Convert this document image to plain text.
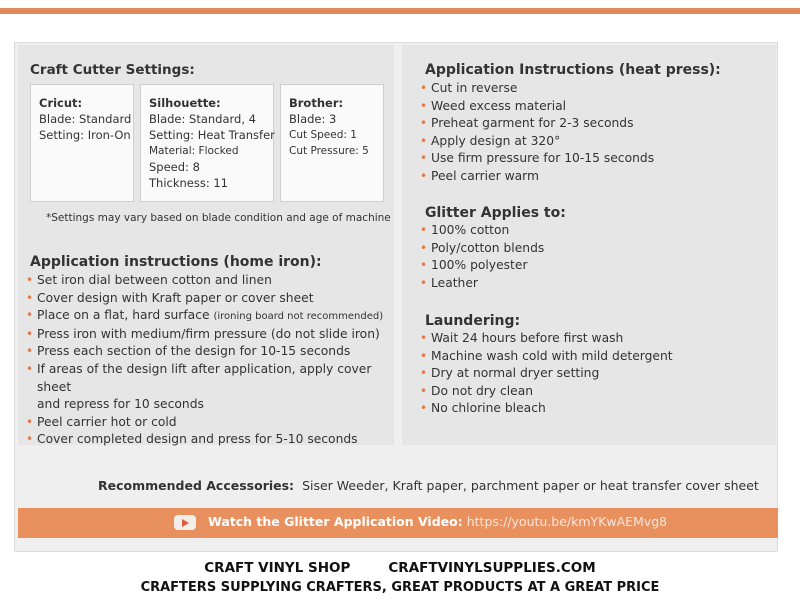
Craft Cutter Settings:
Cricut:
Blade: Standard
Setting: Iron-On
Silhouette:
Blade: Standard, 4
Setting: Heat Transfer
Material: Flocked
Speed: 8
Thickness: 11
Brother:
Blade: 3
Cut Speed: 1
Cut Pressure: 5
*Settings may vary based on blade condition and age of machine
Application instructions (home iron):
• Set iron dial between cotton and linen
• Cover design with Kraft paper or cover sheet
• Place on a flat, hard surface (ironing board not recommended)
• Press iron with medium/firm pressure (do not slide iron)
• Press each section of the design for 10-15 seconds
• If areas of the design lift after application, apply cover sheet
and repress for 10 seconds
• Peel carrier hot or cold
• Cover completed design and press for 5-10 seconds
Application Instructions (heat press):
• Cut in reverse
• Weed excess material
• Preheat garment for 2-3 seconds
• Apply design at 320°
• Use firm pressure for 10-15 seconds
• Peel carrier warm
Glitter Applies to:
• 100% cotton
• Poly/cotton blends
• 100% polyester
• Leather
Laundering:
• Wait 24 hours before first wash
• Machine wash cold with mild detergent
• Dry at normal dryer setting
• Do not dry clean
• No chlorine bleach
Recommended Accessories: Siser Weeder, Kraft paper, parchment paper or heat transfer cover sheet
Watch the Glitter Application Video: https://youtu.be/kmYKwAEMvg8
CRAFT VINYL SHOP	CRAFTVINYLSUPPLIES.COM
CRAFTERS SUPPLYING CRAFTERS, GREAT PRODUCTS AT A GREAT PRICE
